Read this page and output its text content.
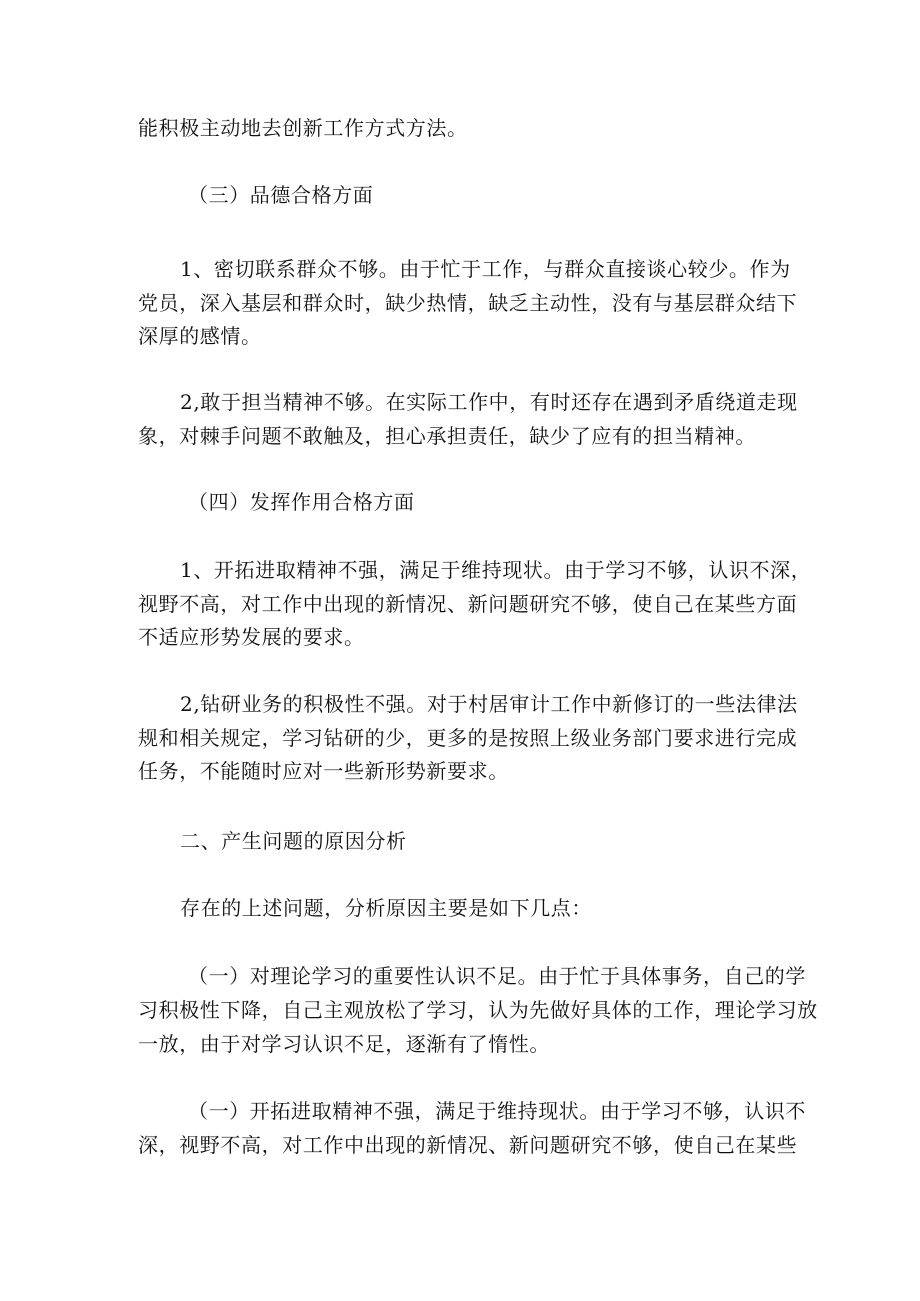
能积极主动地去创新工作方式方法。
（三）品德合格方面
1、密切联系群众不够。由于忙于工作，与群众直接谈心较少。作为
党员，深入基层和群众时，缺少热情，缺乏主动性，没有与基层群众结下
深厚的感情。
2,敢于担当精神不够。在实际工作中，有时还存在遇到矛盾绕道走现
象，对棘手问题不敢触及，担心承担责任，缺少了应有的担当精神。
（四）发挥作用合格方面
1、开拓进取精神不强，满足于维持现状。由于学习不够，认识不深，
视野不高，对工作中出现的新情况、新问题研究不够，使自己在某些方面
不适应形势发展的要求。
2,钻研业务的积极性不强。对于村居审计工作中新修订的一些法律法
规和相关规定，学习钻研的少，更多的是按照上级业务部门要求进行完成
任务，不能随时应对一些新形势新要求。
二、产生问题的原因分析
存在的上述问题，分析原因主要是如下几点：
（一）对理论学习的重要性认识不足。由于忙于具体事务，自己的学
习积极性下降，自己主观放松了学习，认为先做好具体的工作，理论学习放
一放，由于对学习认识不足，逐渐有了惰性。
（一）开拓进取精神不强，满足于维持现状。由于学习不够，认识不
深，视野不高，对工作中出现的新情况、新问题研究不够，使自己在某些
